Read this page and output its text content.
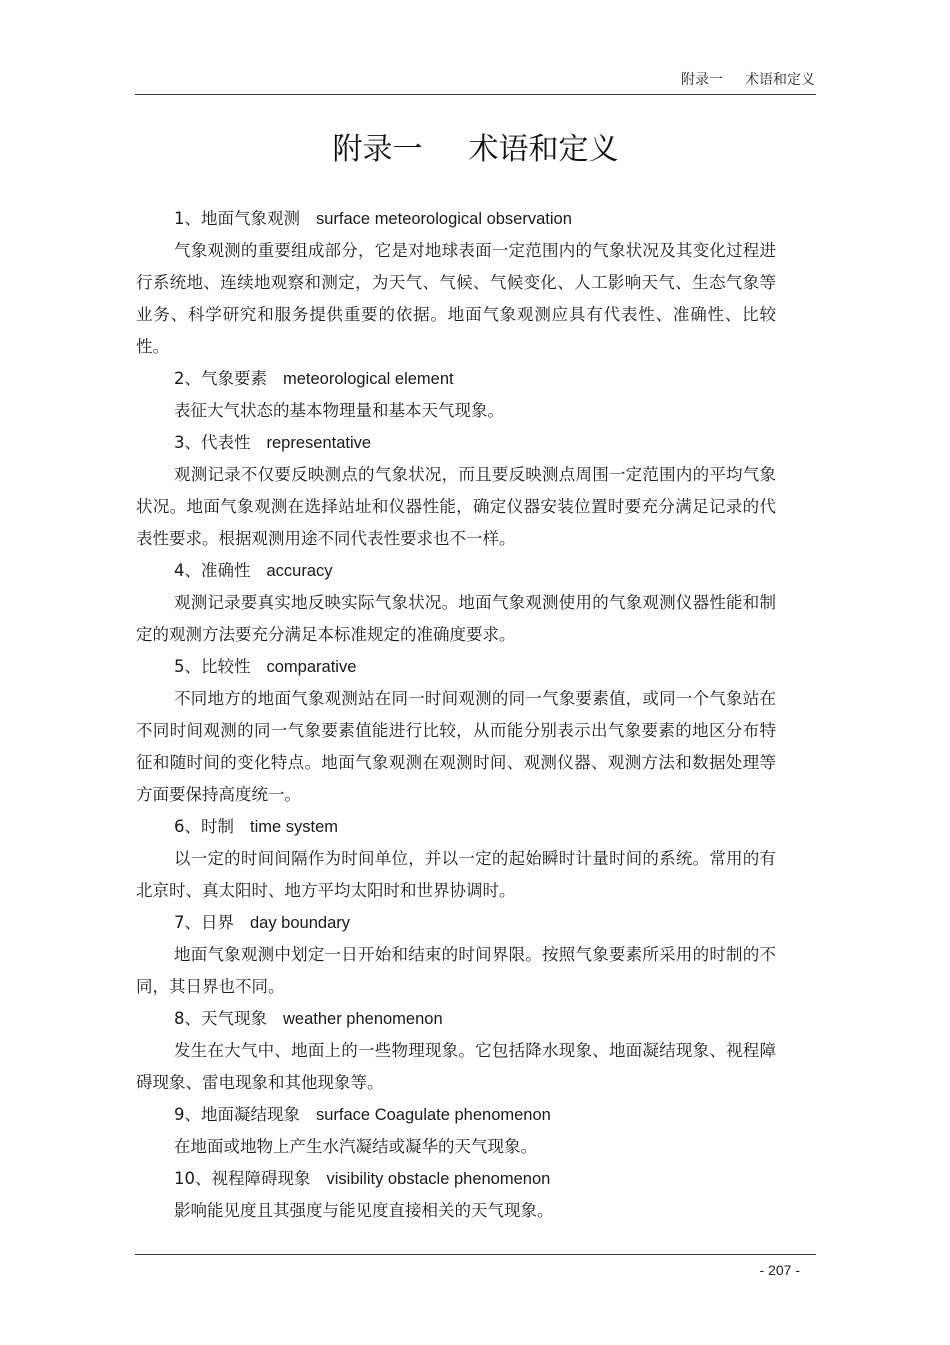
附录一 术语和定义
附录一 术语和定义
1、地面气象观测 surface meteorological observation

气象观测的重要组成部分，它是对地球表面一定范围内的气象状况及其变化过程进行系统地、连续地观察和测定，为天气、气候、气候变化、人工影响天气、生态气象等业务、科学研究和服务提供重要的依据。地面气象观测应具有代表性、准确性、比较性。

2、气象要素 meteorological element

表征大气状态的基本物理量和基本天气现象。

3、代表性 representative

观测记录不仅要反映测点的气象状况，而且要反映测点周围一定范围内的平均气象状况。地面气象观测在选择站址和仪器性能，确定仪器安装位置时要充分满足记录的代表性要求。根据观测用途不同代表性要求也不一样。

4、准确性 accuracy

观测记录要真实地反映实际气象状况。地面气象观测使用的气象观测仪器性能和制定的观测方法要充分满足本标准规定的准确度要求。

5、比较性 comparative

不同地方的地面气象观测站在同一时间观测的同一气象要素值，或同一个气象站在不同时间观测的同一气象要素值能进行比较，从而能分别表示出气象要素的地区分布特征和随时间的变化特点。地面气象观测在观测时间、观测仪器、观测方法和数据处理等方面要保持高度统一。

6、时制 time system

以一定的时间间隔作为时间单位，并以一定的起始瞬时计量时间的系统。常用的有北京时、真太阳时、地方平均太阳时和世界协调时。

7、日界 day boundary

地面气象观测中划定一日开始和结束的时间界限。按照气象要素所采用的时制的不同，其日界也不同。

8、天气现象 weather phenomenon

发生在大气中、地面上的一些物理现象。它包括降水现象、地面凝结现象、视程障碍现象、雷电现象和其他现象等。

9、地面凝结现象 surface Coagulate phenomenon

在地面或地物上产生水汽凝结或凝华的天气现象。

10、视程障碍现象 visibility obstacle phenomenon

影响能见度且其强度与能见度直接相关的天气现象。

- 207 -
